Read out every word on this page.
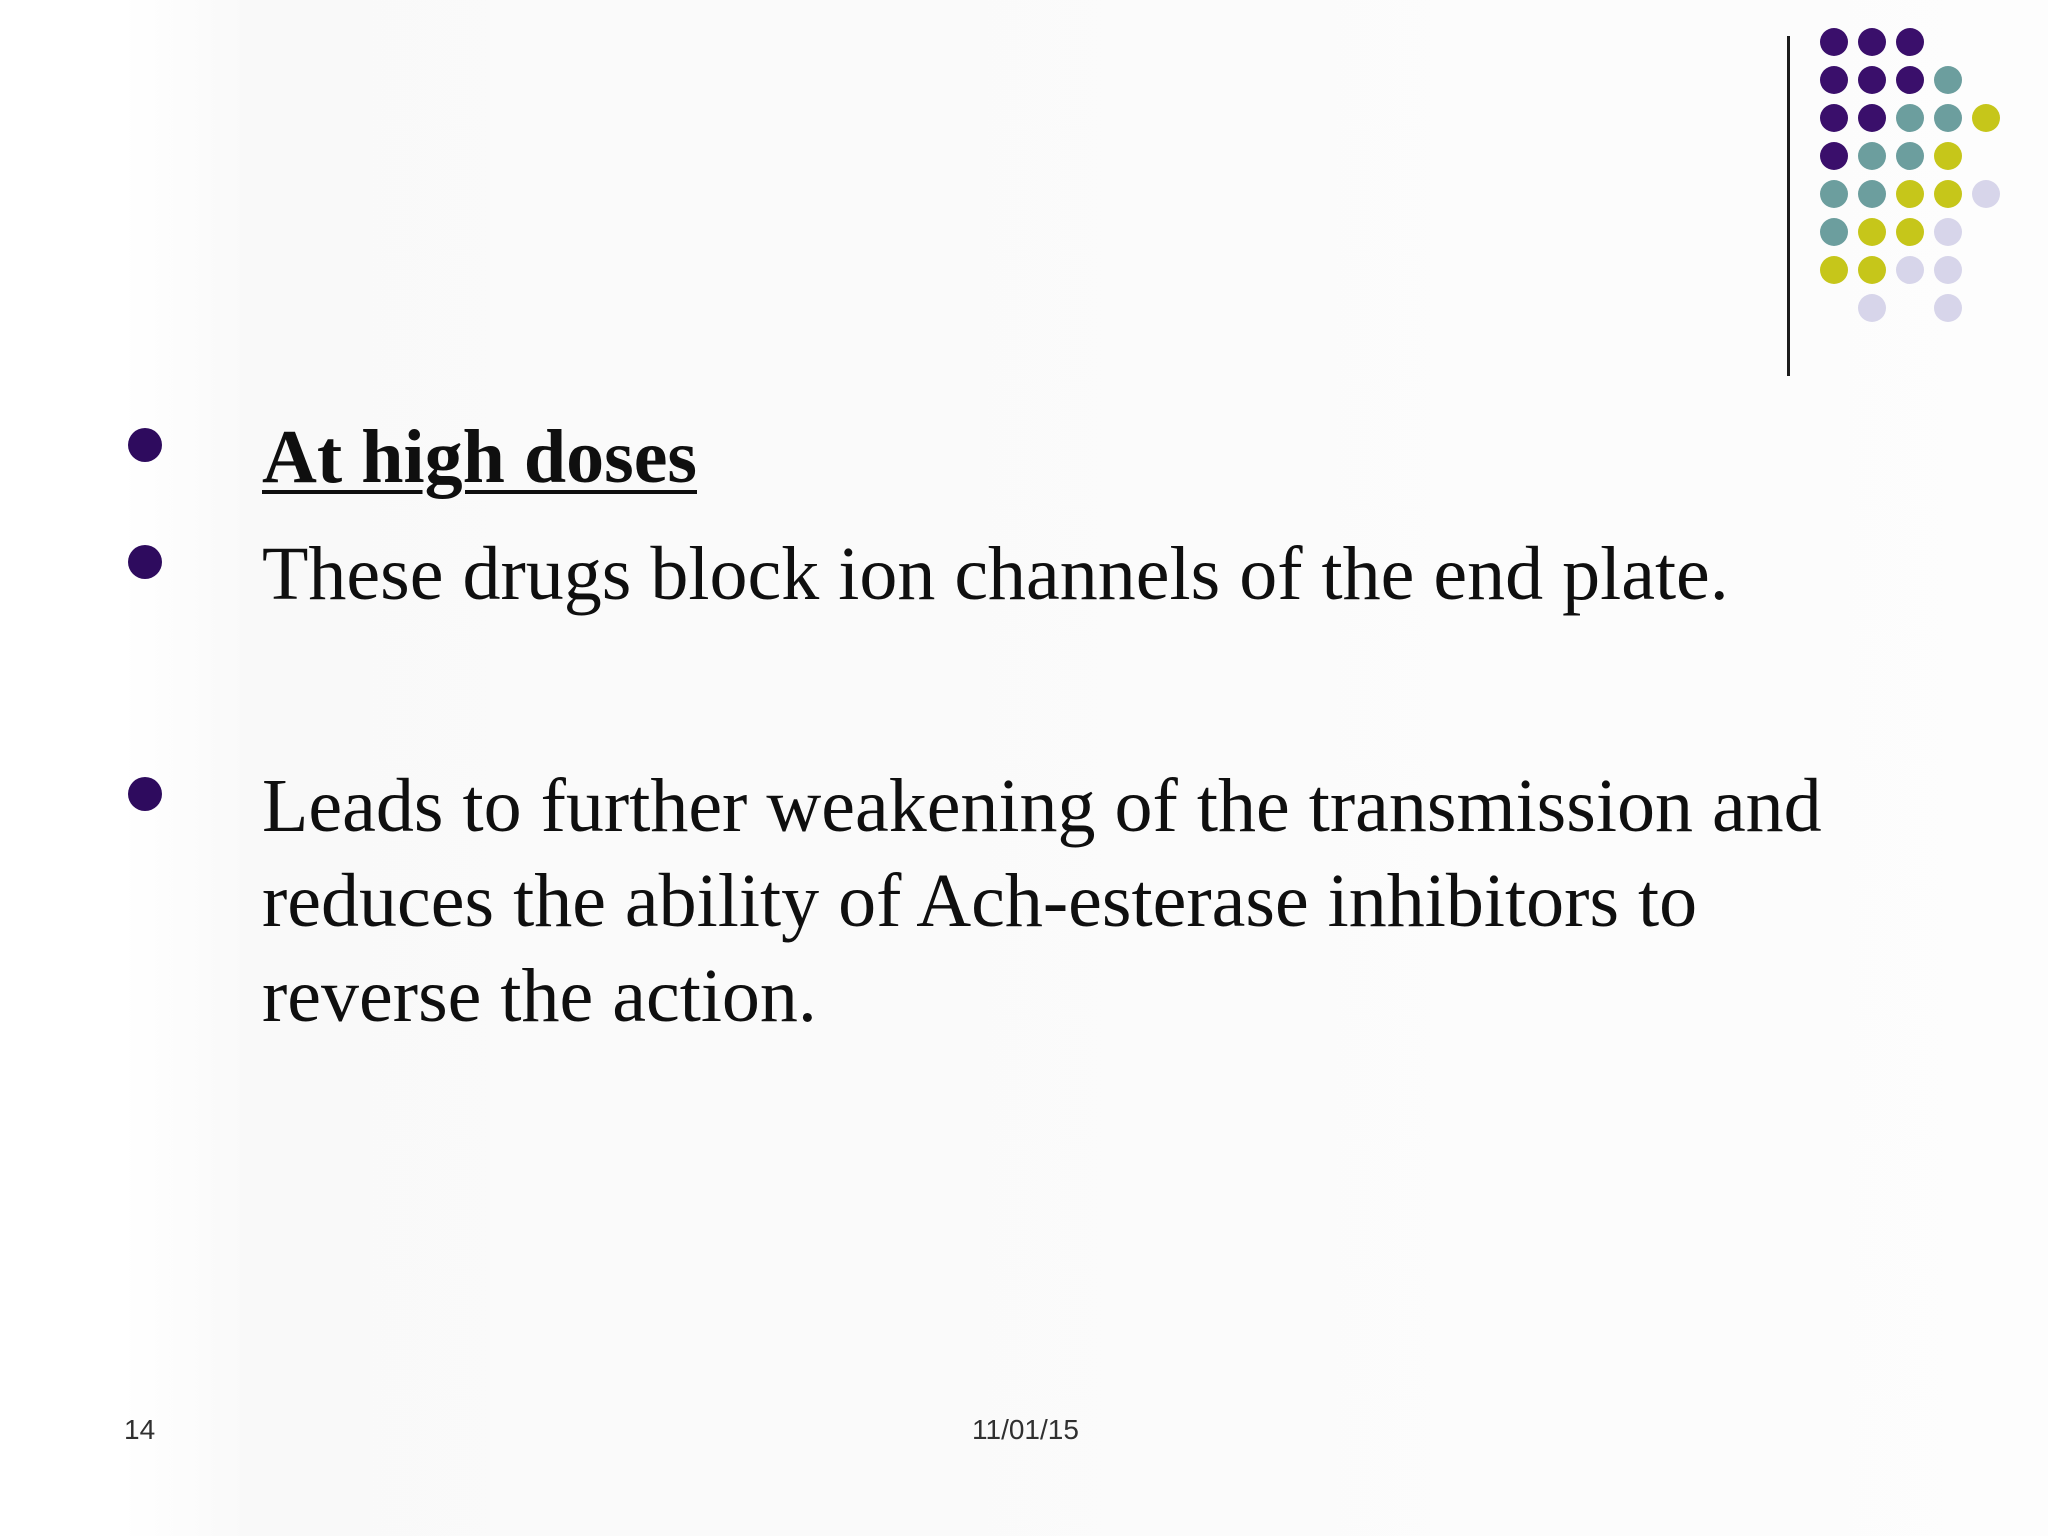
At high doses
These drugs block ion channels of the end plate.
Leads to further weakening of the transmission and
reduces the ability of Ach-esterase inhibitors to
reverse the action.
14	11/01/15
